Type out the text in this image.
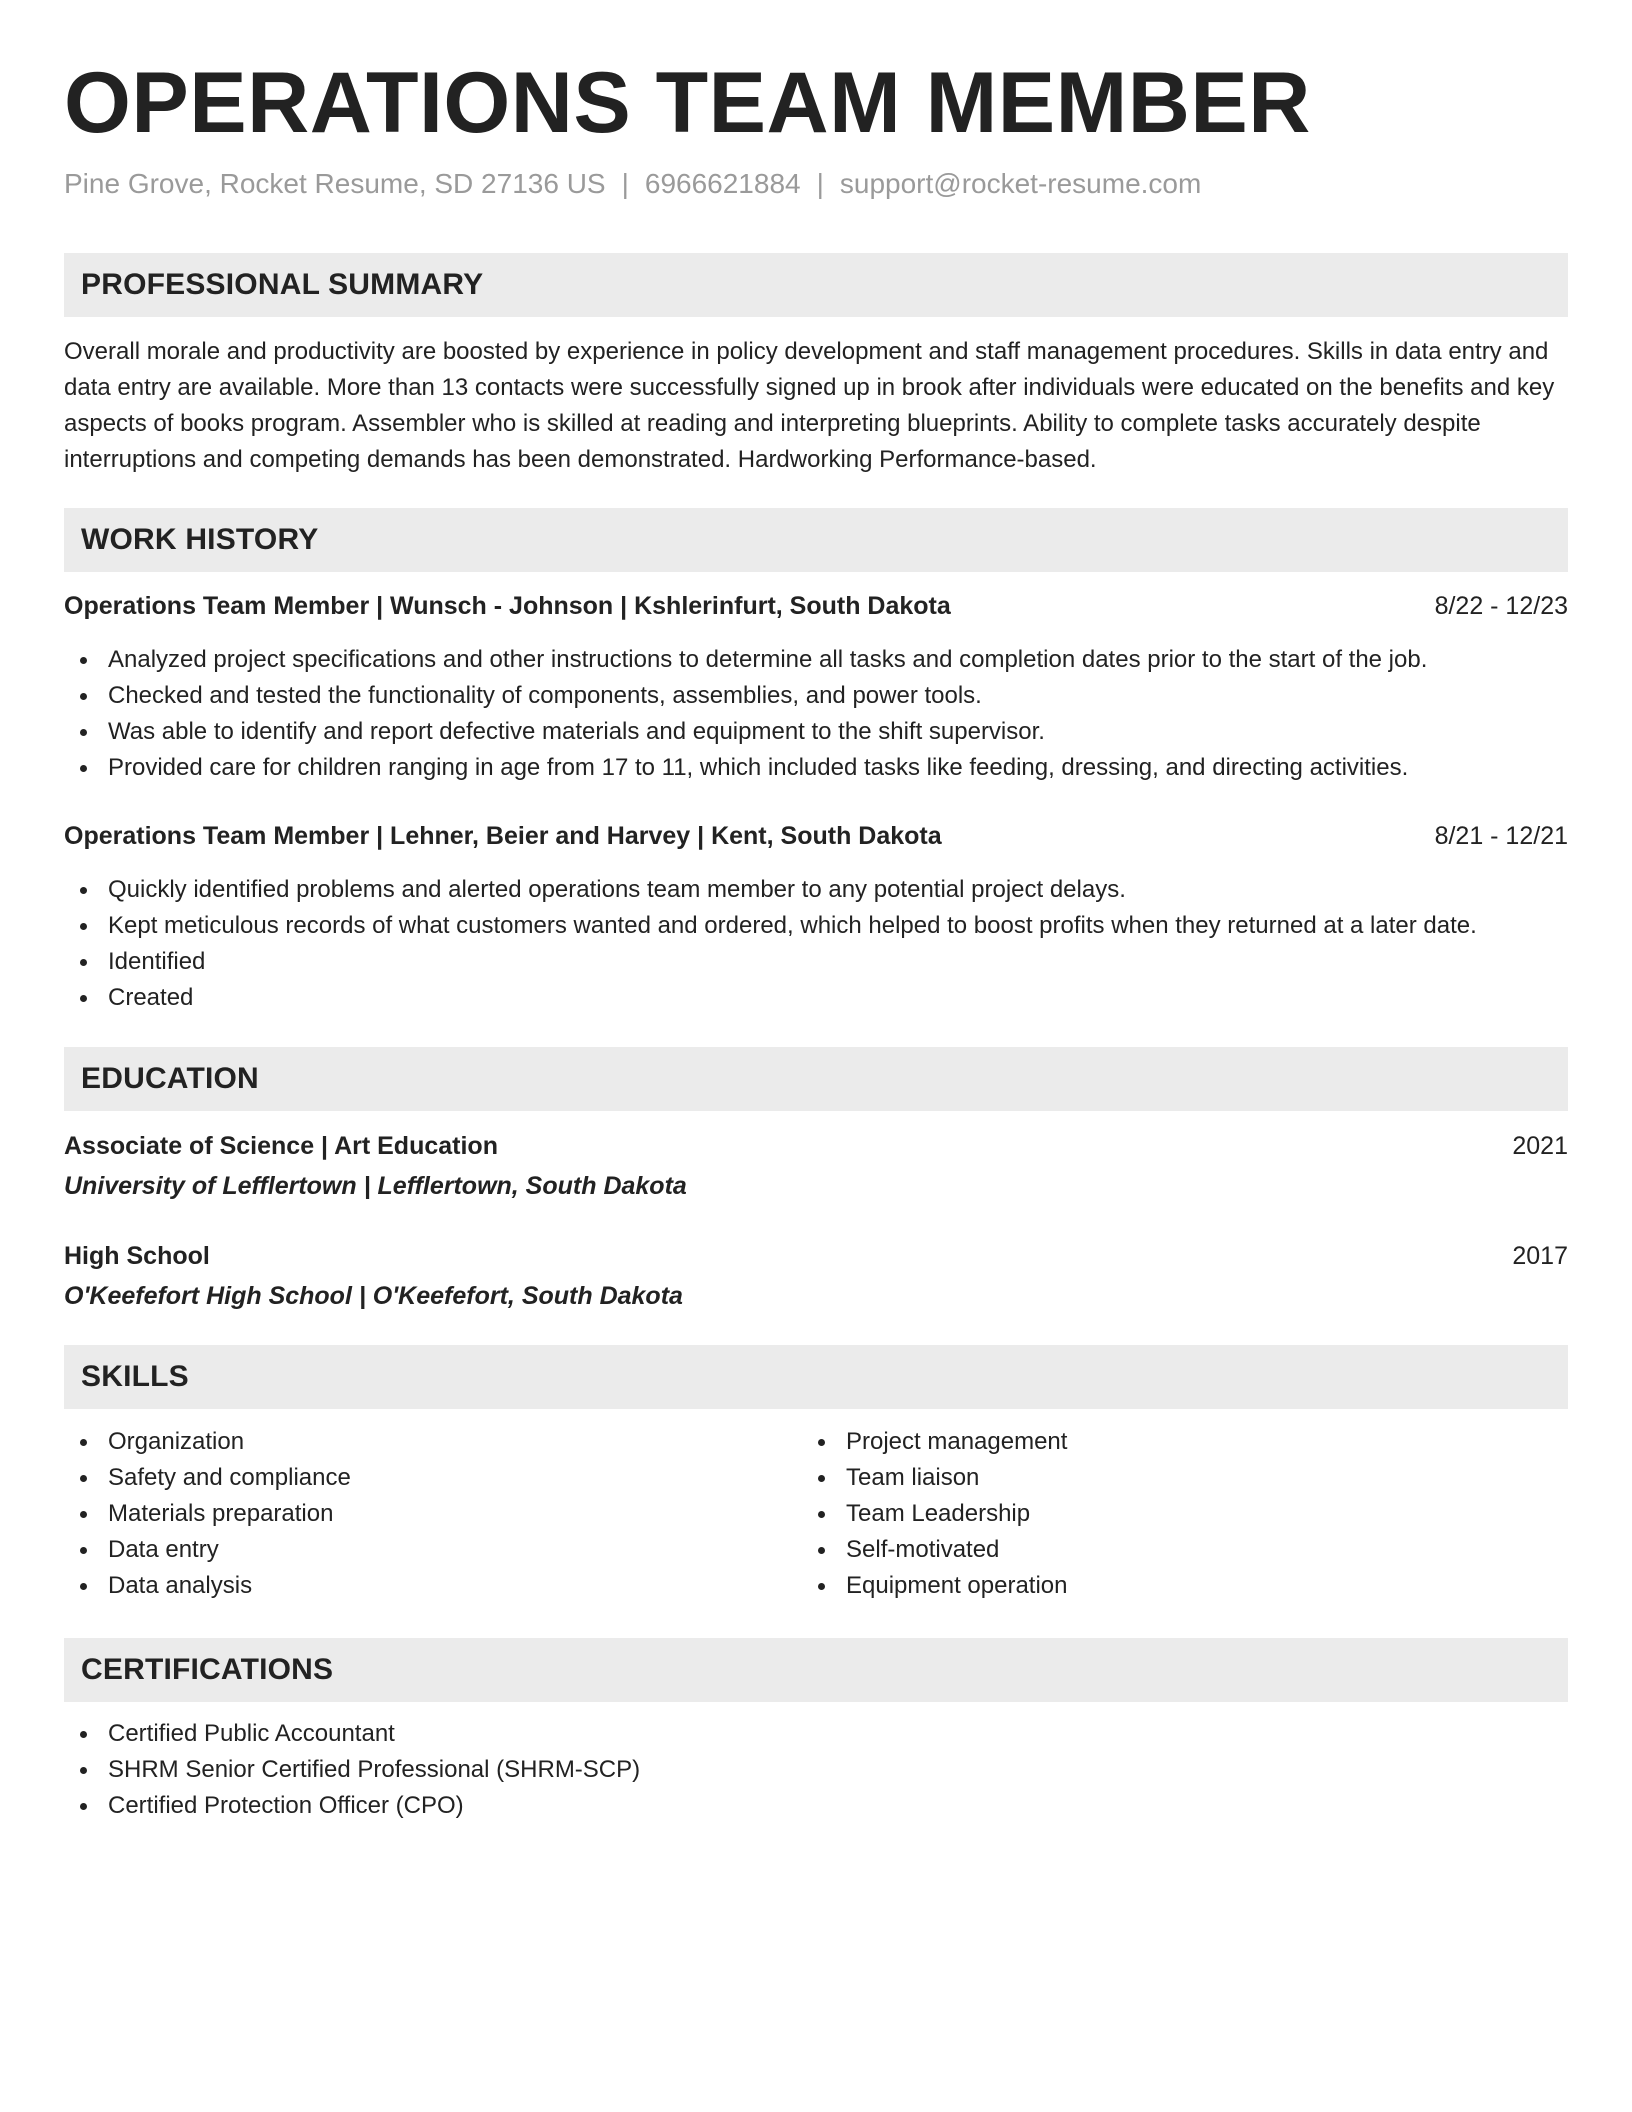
OPERATIONS TEAM MEMBER
Pine Grove, Rocket Resume, SD 27136 US | 6966621884 | support@rocket-resume.com
PROFESSIONAL SUMMARY

Overall morale and productivity are boosted by experience in policy development and staff management procedures. Skills in data entry and data entry are available. More than 13 contacts were successfully signed up in brook after individuals were educated on the benefits and key aspects of books program. Assembler who is skilled at reading and interpreting blueprints. Ability to complete tasks accurately despite interruptions and competing demands has been demonstrated. Hardworking Performance-based.

WORK HISTORY
Operations Team Member | Wunsch - Johnson | Kshlerinfurt, South Dakota	8/22 - 12/23
Analyzed project specifications and other instructions to determine all tasks and completion dates prior to the start of the job.
Checked and tested the functionality of components, assemblies, and power tools.
Was able to identify and report defective materials and equipment to the shift supervisor.
Provided care for children ranging in age from 17 to 11, which included tasks like feeding, dressing, and directing activities.
Operations Team Member | Lehner, Beier and Harvey | Kent, South Dakota	8/21 - 12/21
Quickly identified problems and alerted operations team member to any potential project delays.
Kept meticulous records of what customers wanted and ordered, which helped to boost profits when they returned at a later date.
Identified
Created
EDUCATION
Associate of Science | Art Education	2021
University of Lefflertown | Lefflertown, South Dakota
High School	2017
O'Keefefort High School | O'Keefefort, South Dakota
SKILLS
Organization
Safety and compliance
Materials preparation
Data entry
Data analysis
Project management
Team liaison
Team Leadership
Self-motivated
Equipment operation
CERTIFICATIONS
Certified Public Accountant
SHRM Senior Certified Professional (SHRM-SCP)
Certified Protection Officer (CPO)
